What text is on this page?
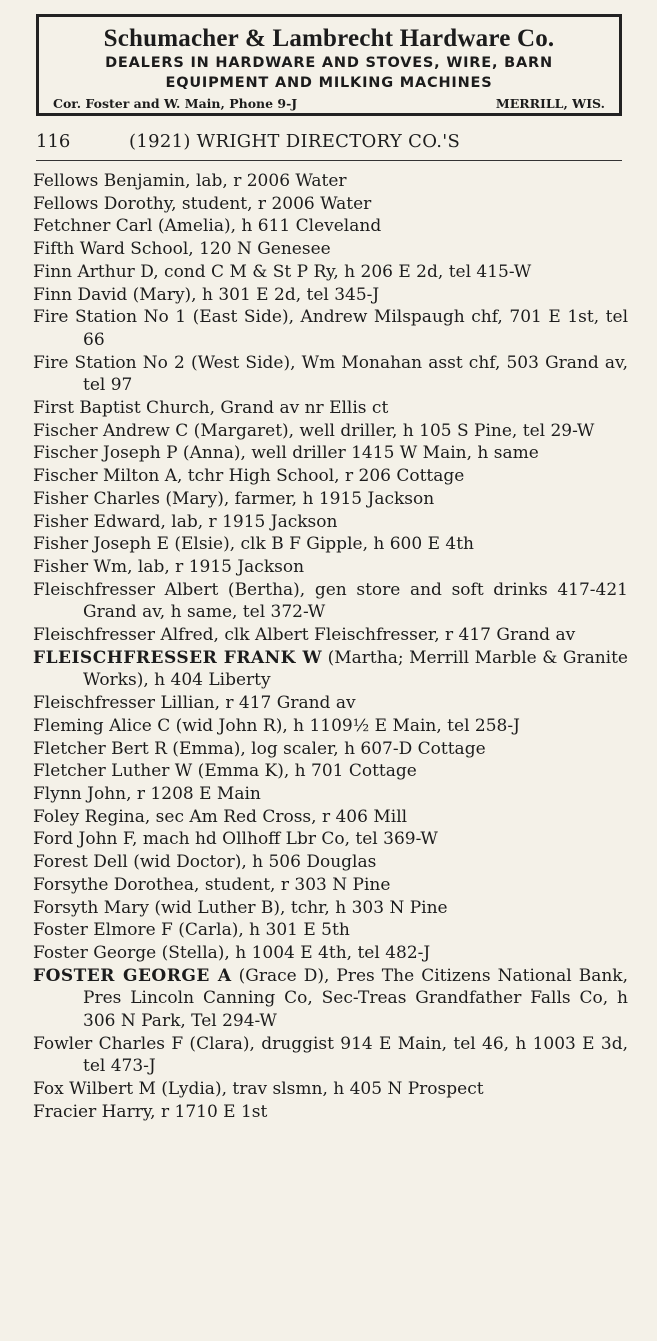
Schumacher & Lambrecht Hardware Co.
DEALERS IN HARDWARE AND STOVES, WIRE, BARN
EQUIPMENT AND MILKING MACHINES
Cor. Foster and W. Main, Phone 9-J	MERRILL, WIS.
116	(1921) WRIGHT DIRECTORY CO.'S
Fellows Benjamin, lab, r 2006 Water
Fellows Dorothy, student, r 2006 Water
Fetchner Carl (Amelia), h 611 Cleveland
Fifth Ward School, 120 N Genesee
Finn Arthur D, cond C M & St P Ry, h 206 E 2d, tel 415-W
Finn David (Mary), h 301 E 2d, tel 345-J
Fire Station No 1 (East Side), Andrew Milspaugh chf, 701 E 1st, tel 66
Fire Station No 2 (West Side), Wm Monahan asst chf, 503 Grand av, tel 97
First Baptist Church, Grand av nr Ellis ct
Fischer Andrew C (Margaret), well driller, h 105 S Pine, tel 29-W
Fischer Joseph P (Anna), well driller 1415 W Main, h same
Fischer Milton A, tchr High School, r 206 Cottage
Fisher Charles (Mary), farmer, h 1915 Jackson
Fisher Edward, lab, r 1915 Jackson
Fisher Joseph E (Elsie), clk B F Gipple, h 600 E 4th
Fisher Wm, lab, r 1915 Jackson
Fleischfresser Albert (Bertha), gen store and soft drinks 417-421 Grand av, h same, tel 372-W
Fleischfresser Alfred, clk Albert Fleischfresser, r 417 Grand av
FLEISCHFRESSER FRANK W (Martha; Merrill Marble & Granite Works), h 404 Liberty
Fleischfresser Lillian, r 417 Grand av
Fleming Alice C (wid John R), h 1109½ E Main, tel 258-J
Fletcher Bert R (Emma), log scaler, h 607-D Cottage
Fletcher Luther W (Emma K), h 701 Cottage
Flynn John, r 1208 E Main
Foley Regina, sec Am Red Cross, r 406 Mill
Ford John F, mach hd Ollhoff Lbr Co, tel 369-W
Forest Dell (wid Doctor), h 506 Douglas
Forsythe Dorothea, student, r 303 N Pine
Forsyth Mary (wid Luther B), tchr, h 303 N Pine
Foster Elmore F (Carla), h 301 E 5th
Foster George (Stella), h 1004 E 4th, tel 482-J
FOSTER GEORGE A (Grace D), Pres The Citizens National Bank, Pres Lincoln Canning Co, Sec-Treas Grandfather Falls Co, h 306 N Park, Tel 294-W
Fowler Charles F (Clara), druggist 914 E Main, tel 46, h 1003 E 3d, tel 473-J
Fox Wilbert M (Lydia), trav slsmn, h 405 N Prospect
Fracier Harry, r 1710 E 1st
